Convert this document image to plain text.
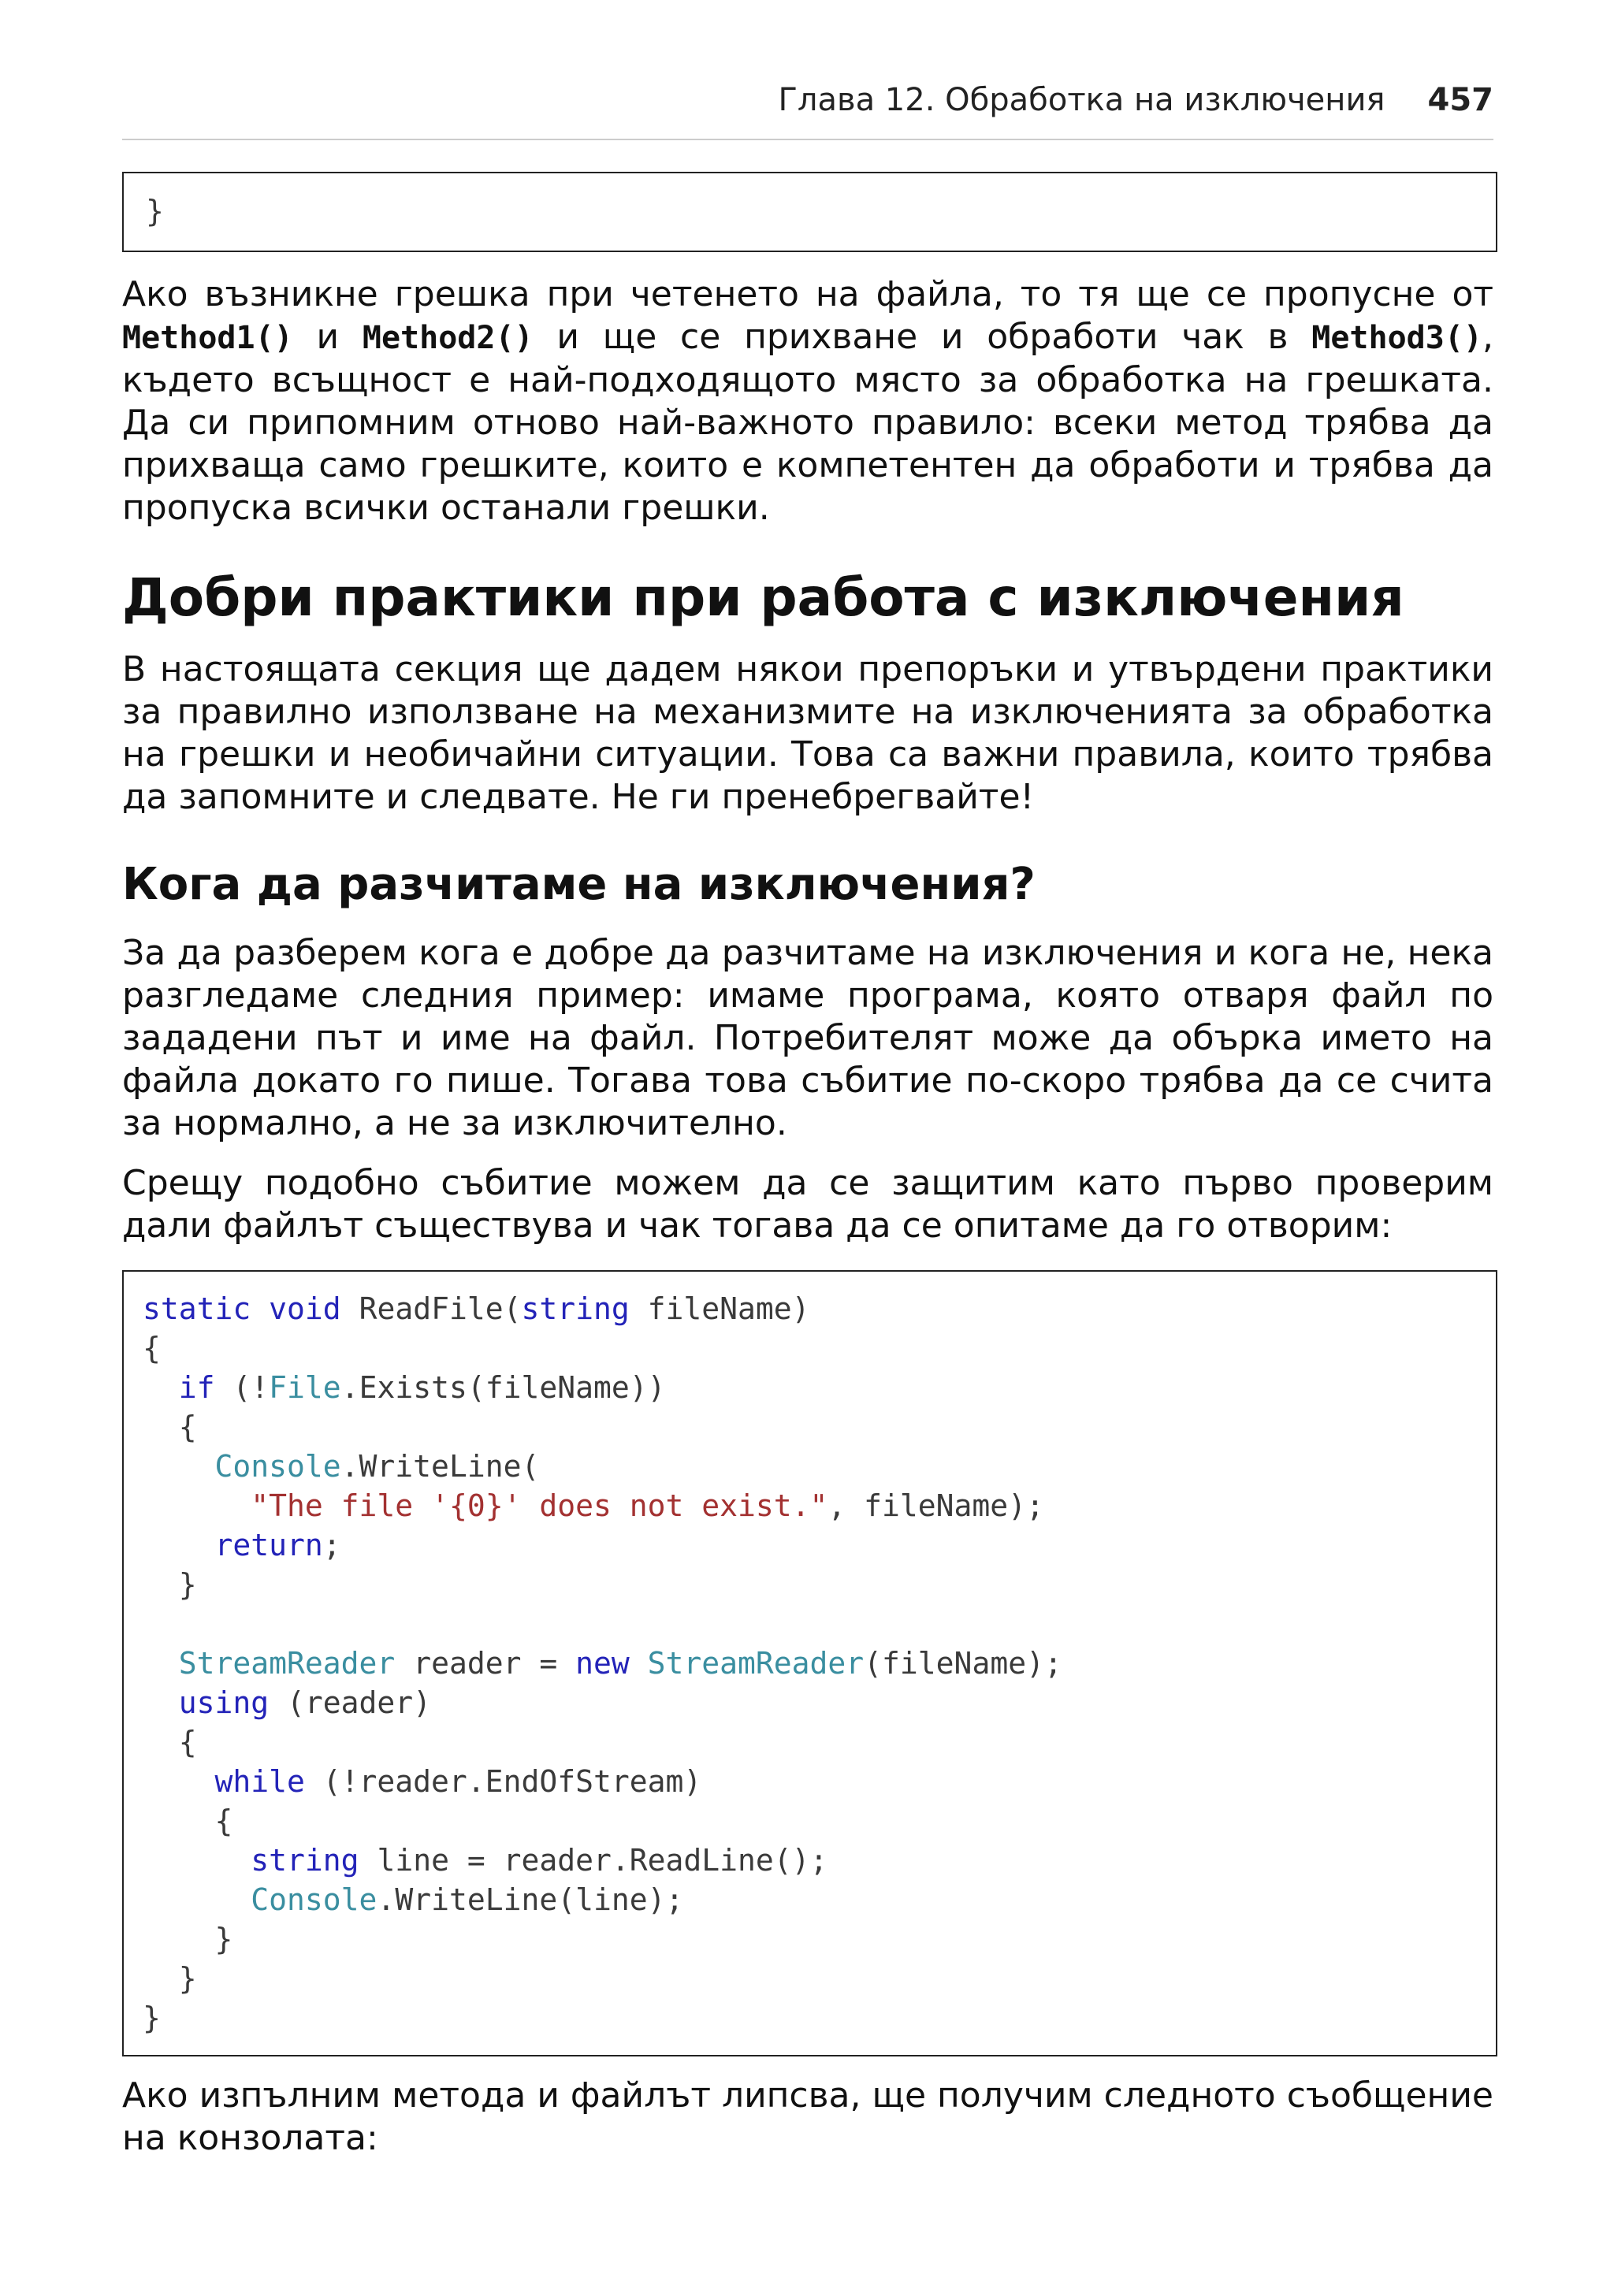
Глава 12. Обработка на изключения 457
}

Ако възникне грешка при четенето на файла, то тя ще се пропусне от Method1() и Method2() и ще се прихване и обработи чак в Method3(), където всъщност е най-подходящото място за обработка на грешката. Да си припомним отново най-важното правило: всеки метод трябва да прихваща само грешките, които е компетентен да обработи и трябва да пропуска всички останали грешки.

Добри практики при работа с изключения

В настоящата секция ще дадем някои препоръки и утвърдени практики за правилно използване на механизмите на изключенията за обработка на грешки и необичайни ситуации. Това са важни правила, които трябва да запомните и следвате. Не ги пренебрегвайте!

Кога да разчитаме на изключения?

За да разберем кога е добре да разчитаме на изключения и кога не, нека разгледаме следния пример: имаме програма, която отваря файл по зададени път и име на файл. Потребителят може да обърка името на файла докато го пише. Тогава това събитие по-скоро трябва да се счита за нормално, а не за изключително.

Срещу подобно събитие можем да се защитим като първо проверим дали файлът съществува и чак тогава да се опитаме да го отворим:

static void ReadFile(string fileName)
{
if (!File.Exists(fileName))
{
Console.WriteLine(
"The file '{0}' does not exist.", fileName);
return;
}
StreamReader reader = new StreamReader(fileName);
using (reader)
{
while (!reader.EndOfStream)
{
string line = reader.ReadLine();
Console.WriteLine(line);
}
}
}

Ако изпълним метода и файлът липсва, ще получим следното съобщение на конзолата:
